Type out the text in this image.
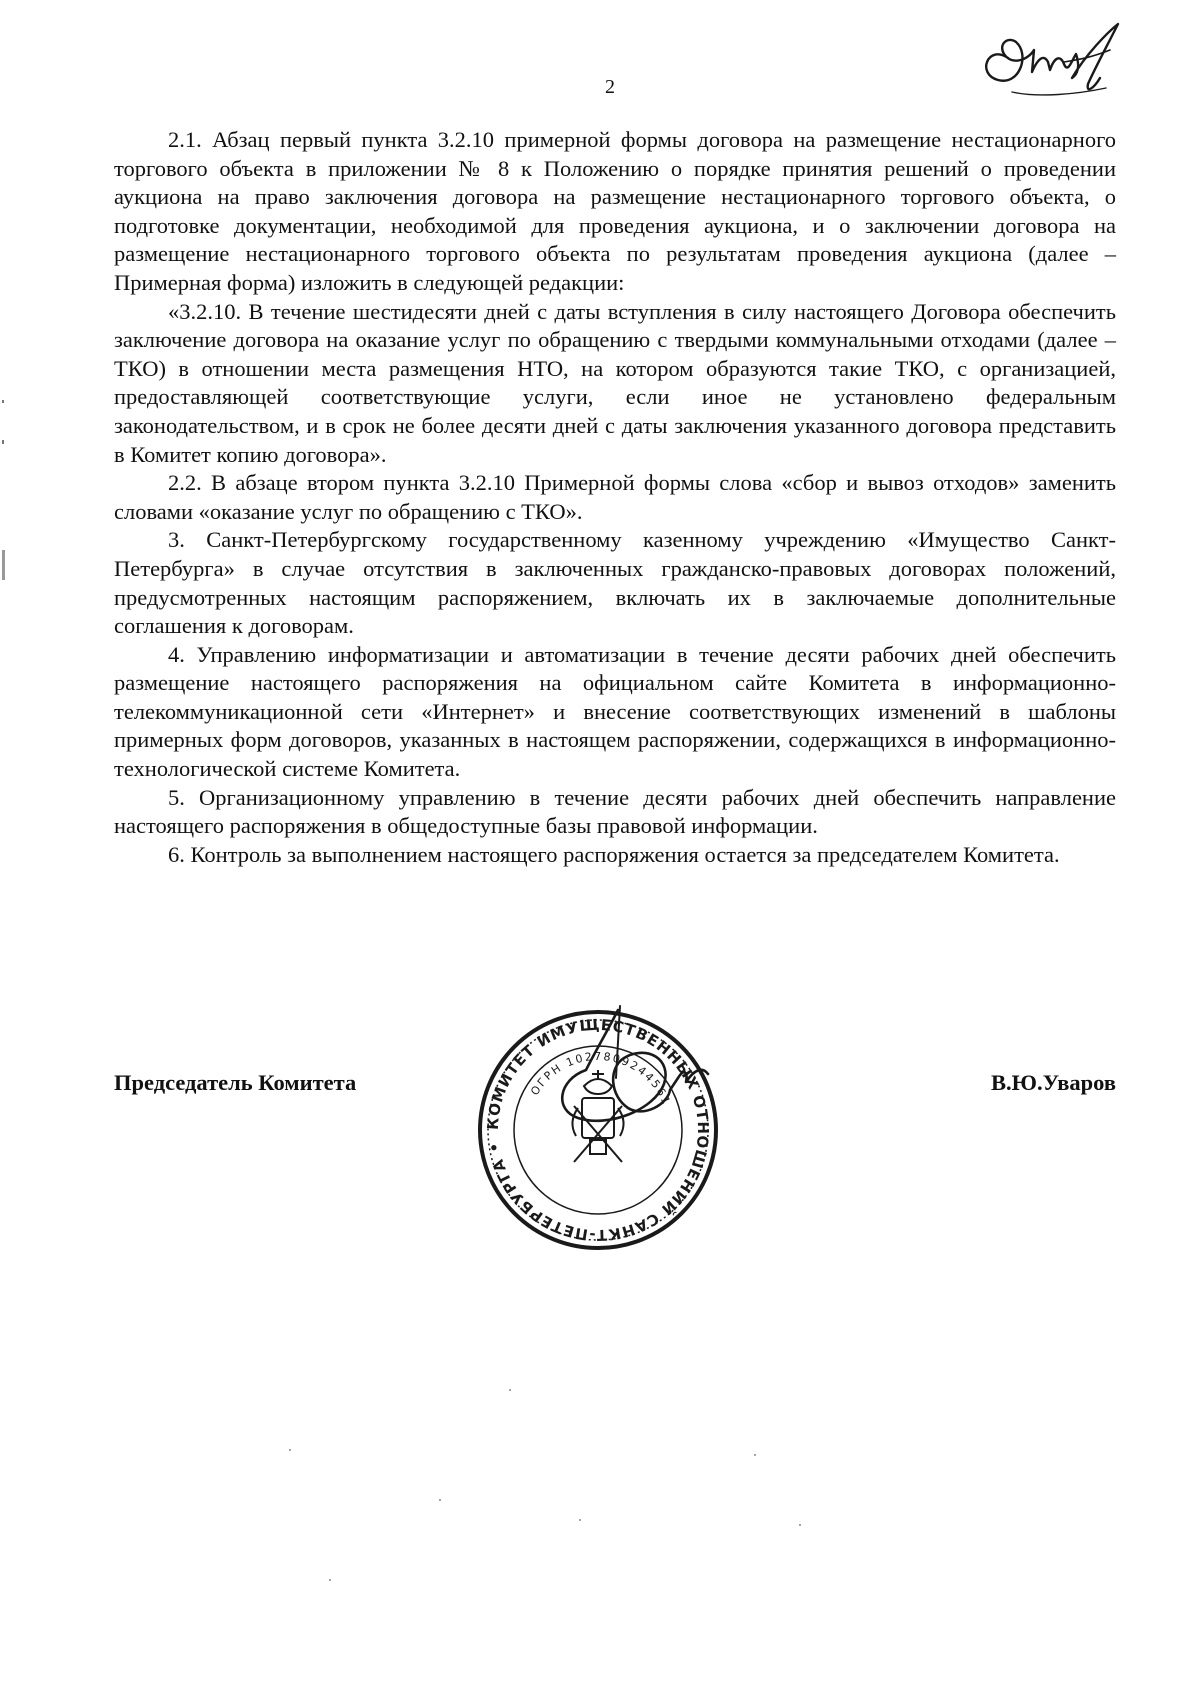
2

2.1. Абзац первый пункта 3.2.10 примерной формы договора на размещение нестационарного торгового объекта в приложении № 8 к Положению о порядке принятия решений о проведении аукциона на право заключения договора на размещение нестационарного торгового объекта, о подготовке документации, необходимой для проведения аукциона, и о заключении договора на размещение нестационарного торгового объекта по результатам проведения аукциона (далее – Примерная форма) изложить в следующей редакции:

«3.2.10. В течение шестидесяти дней с даты вступления в силу настоящего Договора обеспечить заключение договора на оказание услуг по обращению с твердыми коммунальными отходами (далее – ТКО) в отношении места размещения НТО, на котором образуются такие ТКО, с организацией, предоставляющей соответствующие услуги, если иное не установлено федеральным законодательством, и в срок не более десяти дней с даты заключения указанного договора представить в Комитет копию договора».

2.2. В абзаце втором пункта 3.2.10 Примерной формы слова «сбор и вывоз отходов» заменить словами «оказание услуг по обращению с ТКО».

3. Санкт-Петербургскому государственному казенному учреждению «Имущество Санкт-Петербурга» в случае отсутствия в заключенных гражданско-правовых договорах положений, предусмотренных настоящим распоряжением, включать их в заключаемые дополнительные соглашения к договорам.

4. Управлению информатизации и автоматизации в течение десяти рабочих дней обеспечить размещение настоящего распоряжения на официальном сайте Комитета в информационно-телекоммуникационной сети «Интернет» и внесение соответствующих изменений в шаблоны примерных форм договоров, указанных в настоящем распоряжении, содержащихся в информационно-технологической системе Комитета.

5. Организационному управлению в течение десяти рабочих дней обеспечить направление настоящего распоряжения в общедоступные базы правовой информации.

6. Контроль за выполнением настоящего распоряжения остается за председателем Комитета.

Председатель Комитета	В.Ю.Уваров
КОМИТЕТ ИМУЩЕСТВЕННЫХ ОТНОШЕНИЙ САНКТ-ПЕТЕРБУРГА •
ОГРН 1027809244561
